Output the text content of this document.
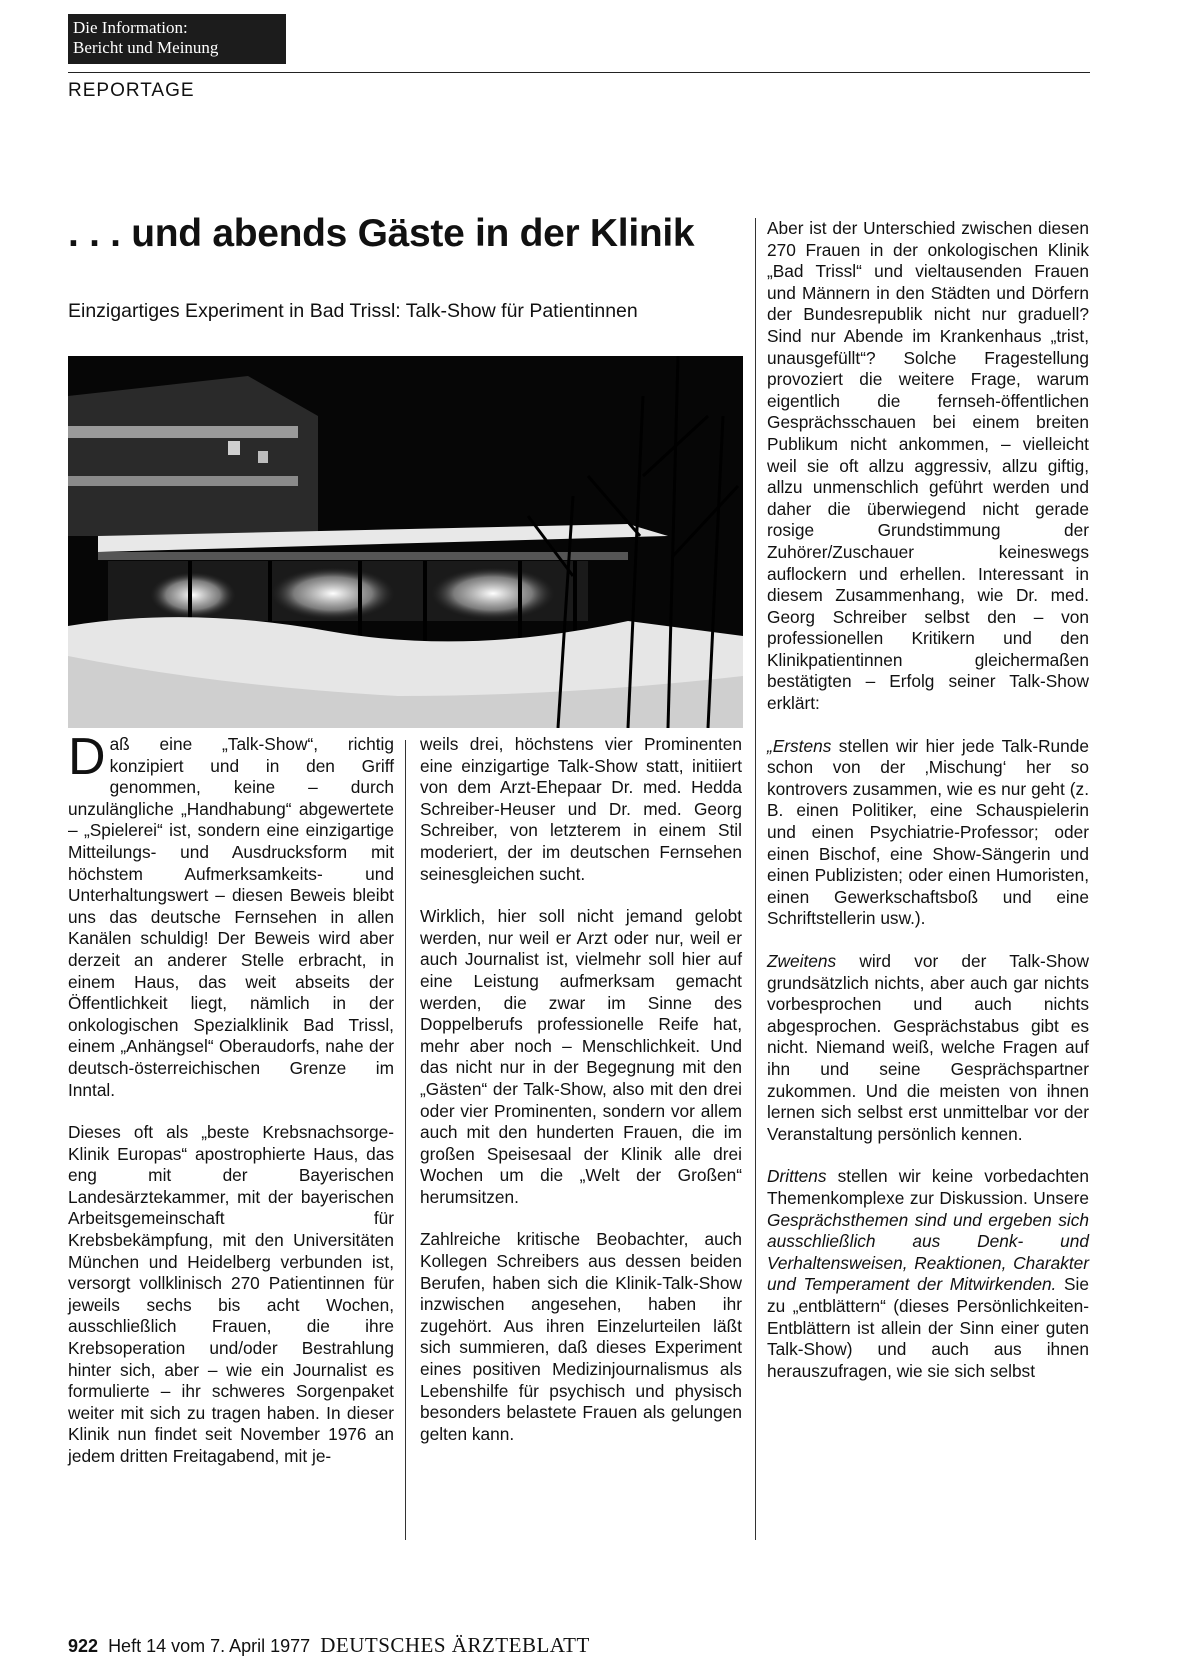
Die Information:
Bericht und Meinung
REPORTAGE
. . . und abends Gäste in der Klinik
Einzigartiges Experiment in Bad Trissl: Talk-Show für Patientinnen

Daß eine „Talk-Show“, richtig konzipiert und in den Griff genommen, keine – durch unzulängliche „Handhabung“ abgewertete – „Spielerei“ ist, sondern eine einzigartige Mitteilungs- und Ausdrucksform mit höchstem Aufmerksamkeits- und Unterhaltungswert – diesen Beweis bleibt uns das deutsche Fernsehen in allen Kanälen schuldig! Der Beweis wird aber derzeit an anderer Stelle erbracht, in einem Haus, das weit abseits der Öffentlichkeit liegt, nämlich in der onkologischen Spezialklinik Bad Trissl, einem „Anhängsel“ Oberaudorfs, nahe der deutsch-österreichischen Grenze im Inntal.

Dieses oft als „beste Krebsnachsorge-Klinik Europas“ apostrophierte Haus, das eng mit der Bayerischen Landesärztekammer, mit der bayerischen Arbeitsgemeinschaft für Krebsbekämpfung, mit den Universitäten München und Heidelberg verbunden ist, versorgt vollklinisch 270 Patientinnen für jeweils sechs bis acht Wochen, ausschließlich Frauen, die ihre Krebsoperation und/oder Bestrahlung hinter sich, aber – wie ein Journalist es formulierte – ihr schweres Sorgenpaket weiter mit sich zu tragen haben. In dieser Klinik nun findet seit November 1976 an jedem dritten Freitagabend, mit je-

weils drei, höchstens vier Prominenten eine einzigartige Talk-Show statt, initiiert von dem Arzt-Ehepaar Dr. med. Hedda Schreiber-Heuser und Dr. med. Georg Schreiber, von letzterem in einem Stil moderiert, der im deutschen Fernsehen seinesgleichen sucht.

Wirklich, hier soll nicht jemand gelobt werden, nur weil er Arzt oder nur, weil er auch Journalist ist, vielmehr soll hier auf eine Leistung aufmerksam gemacht werden, die zwar im Sinne des Doppelberufs professionelle Reife hat, mehr aber noch – Menschlichkeit. Und das nicht nur in der Begegnung mit den „Gästen“ der Talk-Show, also mit den drei oder vier Prominenten, sondern vor allem auch mit den hunderten Frauen, die im großen Speisesaal der Klinik alle drei Wochen um die „Welt der Großen“ herumsitzen.

Zahlreiche kritische Beobachter, auch Kollegen Schreibers aus dessen beiden Berufen, haben sich die Klinik-Talk-Show inzwischen angesehen, haben ihr zugehört. Aus ihren Einzelurteilen läßt sich summieren, daß dieses Experiment eines positiven Medizinjournalismus als Lebenshilfe für psychisch und physisch besonders belastete Frauen als gelungen gelten kann.

Aber ist der Unterschied zwischen diesen 270 Frauen in der onkologischen Klinik „Bad Trissl“ und vieltausenden Frauen und Männern in den Städten und Dörfern der Bundesrepublik nicht nur graduell? Sind nur Abende im Krankenhaus „trist, unausgefüllt“? Solche Fragestellung provoziert die weitere Frage, warum eigentlich die fernseh-öffentlichen Gesprächsschauen bei einem breiten Publikum nicht ankommen, – vielleicht weil sie oft allzu aggressiv, allzu giftig, allzu unmenschlich geführt werden und daher die überwiegend nicht gerade rosige Grundstimmung der Zuhörer/Zuschauer keineswegs auflockern und erhellen. Interessant in diesem Zusammenhang, wie Dr. med. Georg Schreiber selbst den – von professionellen Kritikern und den Klinikpatientinnen gleichermaßen bestätigten – Erfolg seiner Talk-Show erklärt:

„Erstens stellen wir hier jede Talk-Runde schon von der ‚Mischung‘ her so kontrovers zusammen, wie es nur geht (z. B. einen Politiker, eine Schauspielerin und einen Psychiatrie-Professor; oder einen Bischof, eine Show-Sängerin und einen Publizisten; oder einen Humoristen, einen Gewerkschaftsboß und eine Schriftstellerin usw.).

Zweitens wird vor der Talk-Show grundsätzlich nichts, aber auch gar nichts vorbesprochen und auch nichts abgesprochen. Gesprächstabus gibt es nicht. Niemand weiß, welche Fragen auf ihn und seine Gesprächspartner zukommen. Und die meisten von ihnen lernen sich selbst erst unmittelbar vor der Veranstaltung persönlich kennen.

Drittens stellen wir keine vorbedachten Themenkomplexe zur Diskussion. Unsere Gesprächsthemen sind und ergeben sich ausschließlich aus Denk- und Verhaltensweisen, Reaktionen, Charakter und Temperament der Mitwirkenden. Sie zu „entblättern“ (dieses Persönlichkeiten-Entblättern ist allein der Sinn einer guten Talk-Show) und auch aus ihnen herauszufragen, wie sie sich selbst

922 Heft 14 vom 7. April 1977 DEUTSCHES ÄRZTEBLATT
